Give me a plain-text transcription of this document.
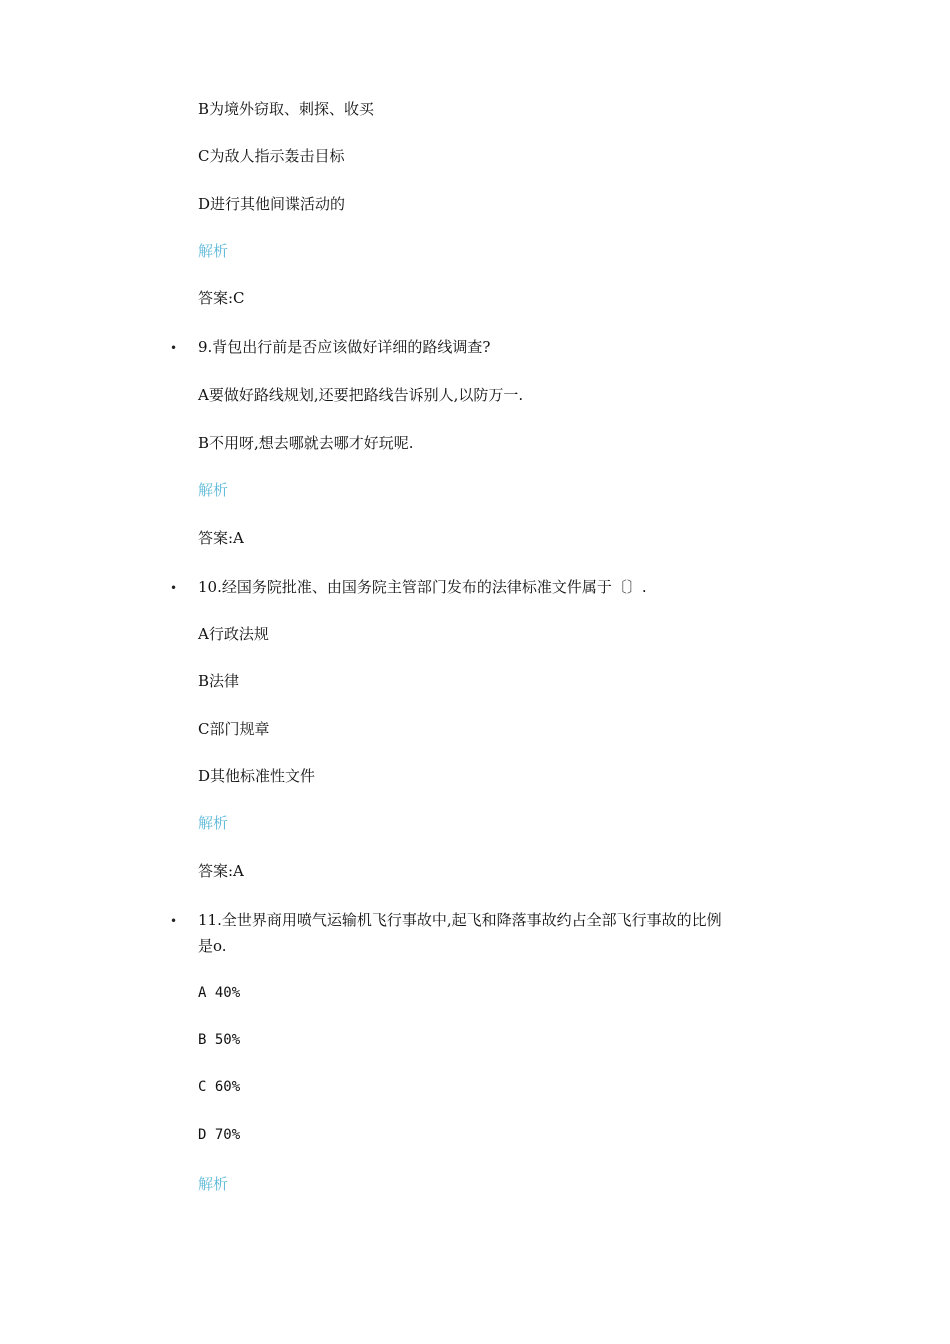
B为境外窃取、刺探、收买
C为敌人指示轰击目标
D进行其他间谍活动的
解析
答案:C
• 9.背包出行前是否应该做好详细的路线调查?
A要做好路线规划,还要把路线告诉别人,以防万一.
B不用呀,想去哪就去哪才好玩呢.
解析
答案:A
• 10.经国务院批准、由国务院主管部门发布的法律标准文件属于〔〕.
A行政法规
B法律
C部门规章
D其他标准性文件
解析
答案:A
• 11.全世界商用喷气运输机飞行事故中,起飞和降落事故约占全部飞行事故的比例
是o.
A 40%
B 50%
C 60%
D 70%
解析
